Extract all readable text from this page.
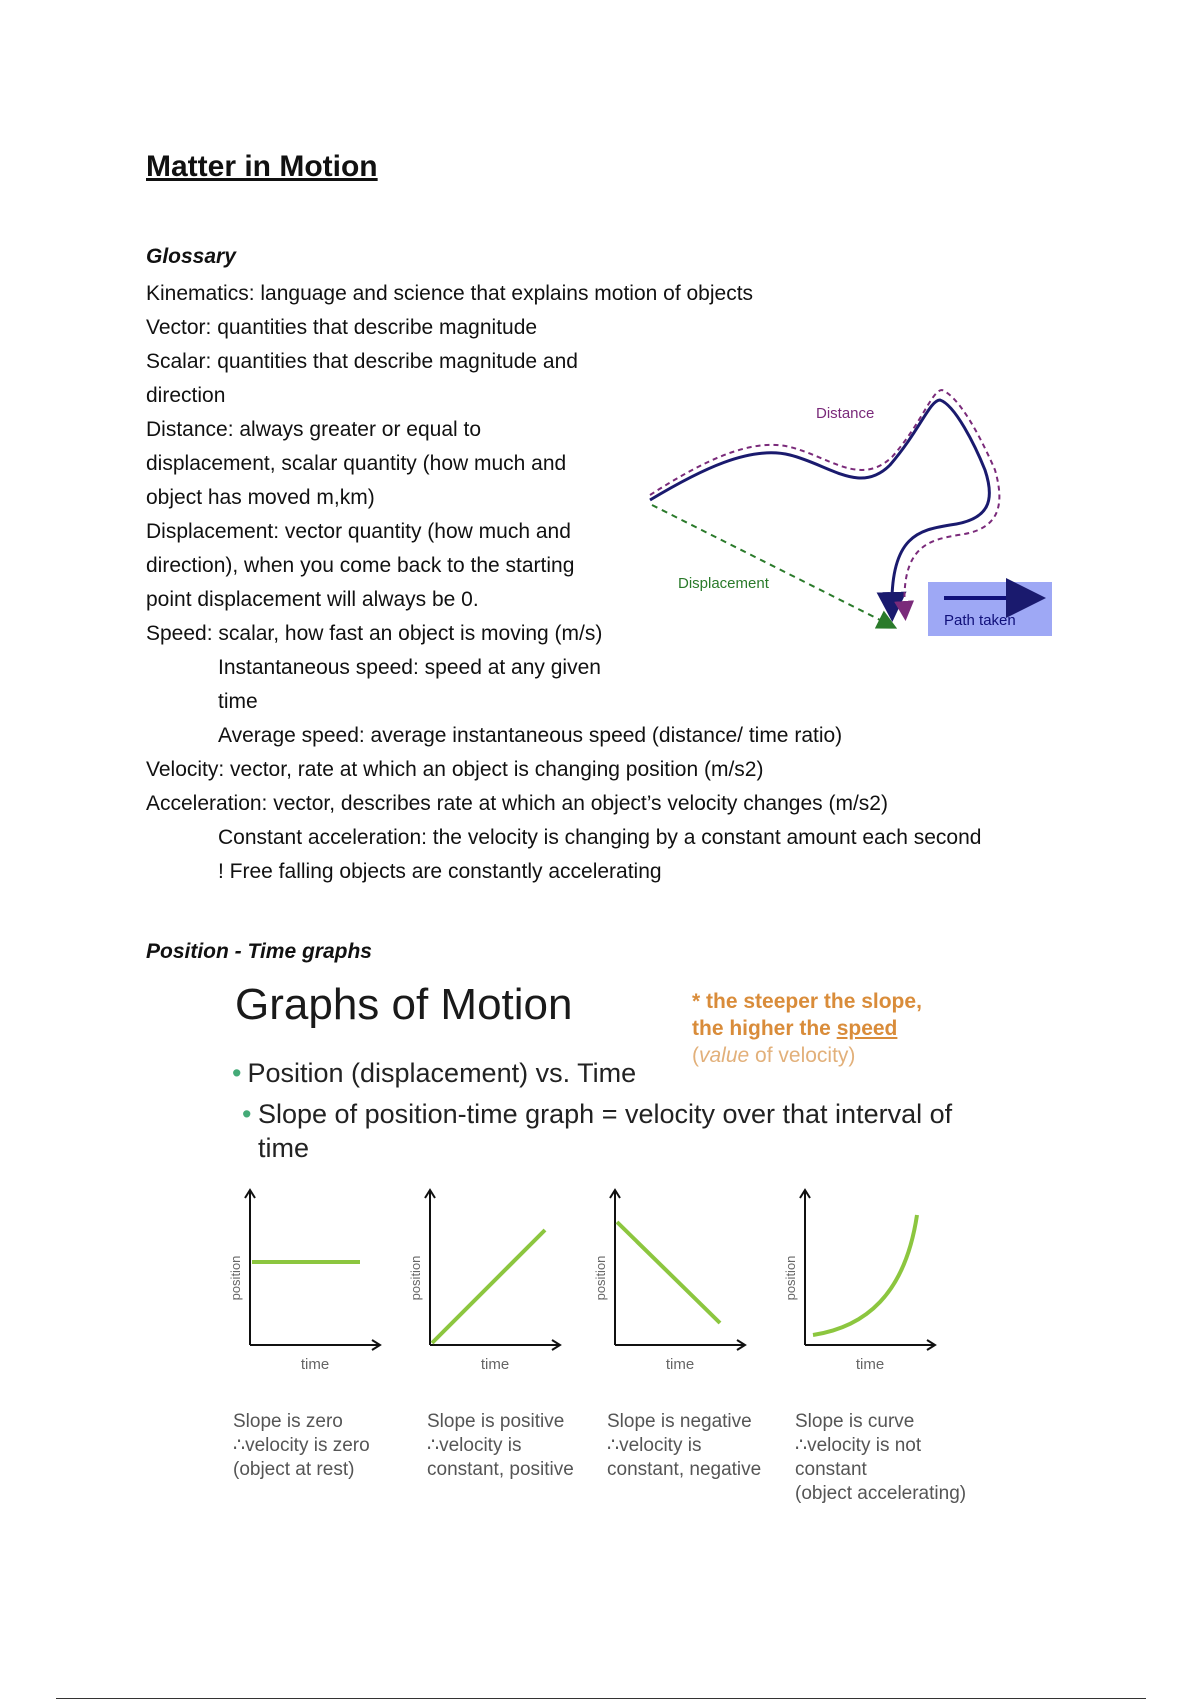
Matter in Motion
Glossary
Kinematics: language and science that explains motion of objects
Vector: quantities that describe magnitude
Scalar: quantities that describe magnitude and
direction
Distance: always greater or equal to
displacement, scalar quantity (how much and
object has moved m,km)
Displacement: vector quantity (how much and
direction), when you come back to the starting
point displacement will always be 0.
Speed: scalar, how fast an object is moving (m/s)
Instantaneous speed: speed at any given
time
Average speed: average instantaneous speed (distance/ time ratio)
Velocity: vector, rate at which an object is changing position (m/s2)
Acceleration: vector, describes rate at which an object’s velocity changes (m/s2)
Constant acceleration: the velocity is changing by a constant amount each second
! Free falling objects are constantly accelerating
Distance
Displacement
Path taken
Position - Time graphs
Graphs of Motion	* the steeper the slope,
the higher the speed
(value of velocity)
• Position (displacement) vs. Time
• Slope of position-time graph = velocity over that interval of time
position
time
position
time
position
time
position
time
Slope is zero
∴velocity is zero
(object at rest)
Slope is positive
∴velocity is
constant, positive
Slope is negative
∴velocity is
constant, negative
Slope is curve
∴velocity is not
constant
(object accelerating)
